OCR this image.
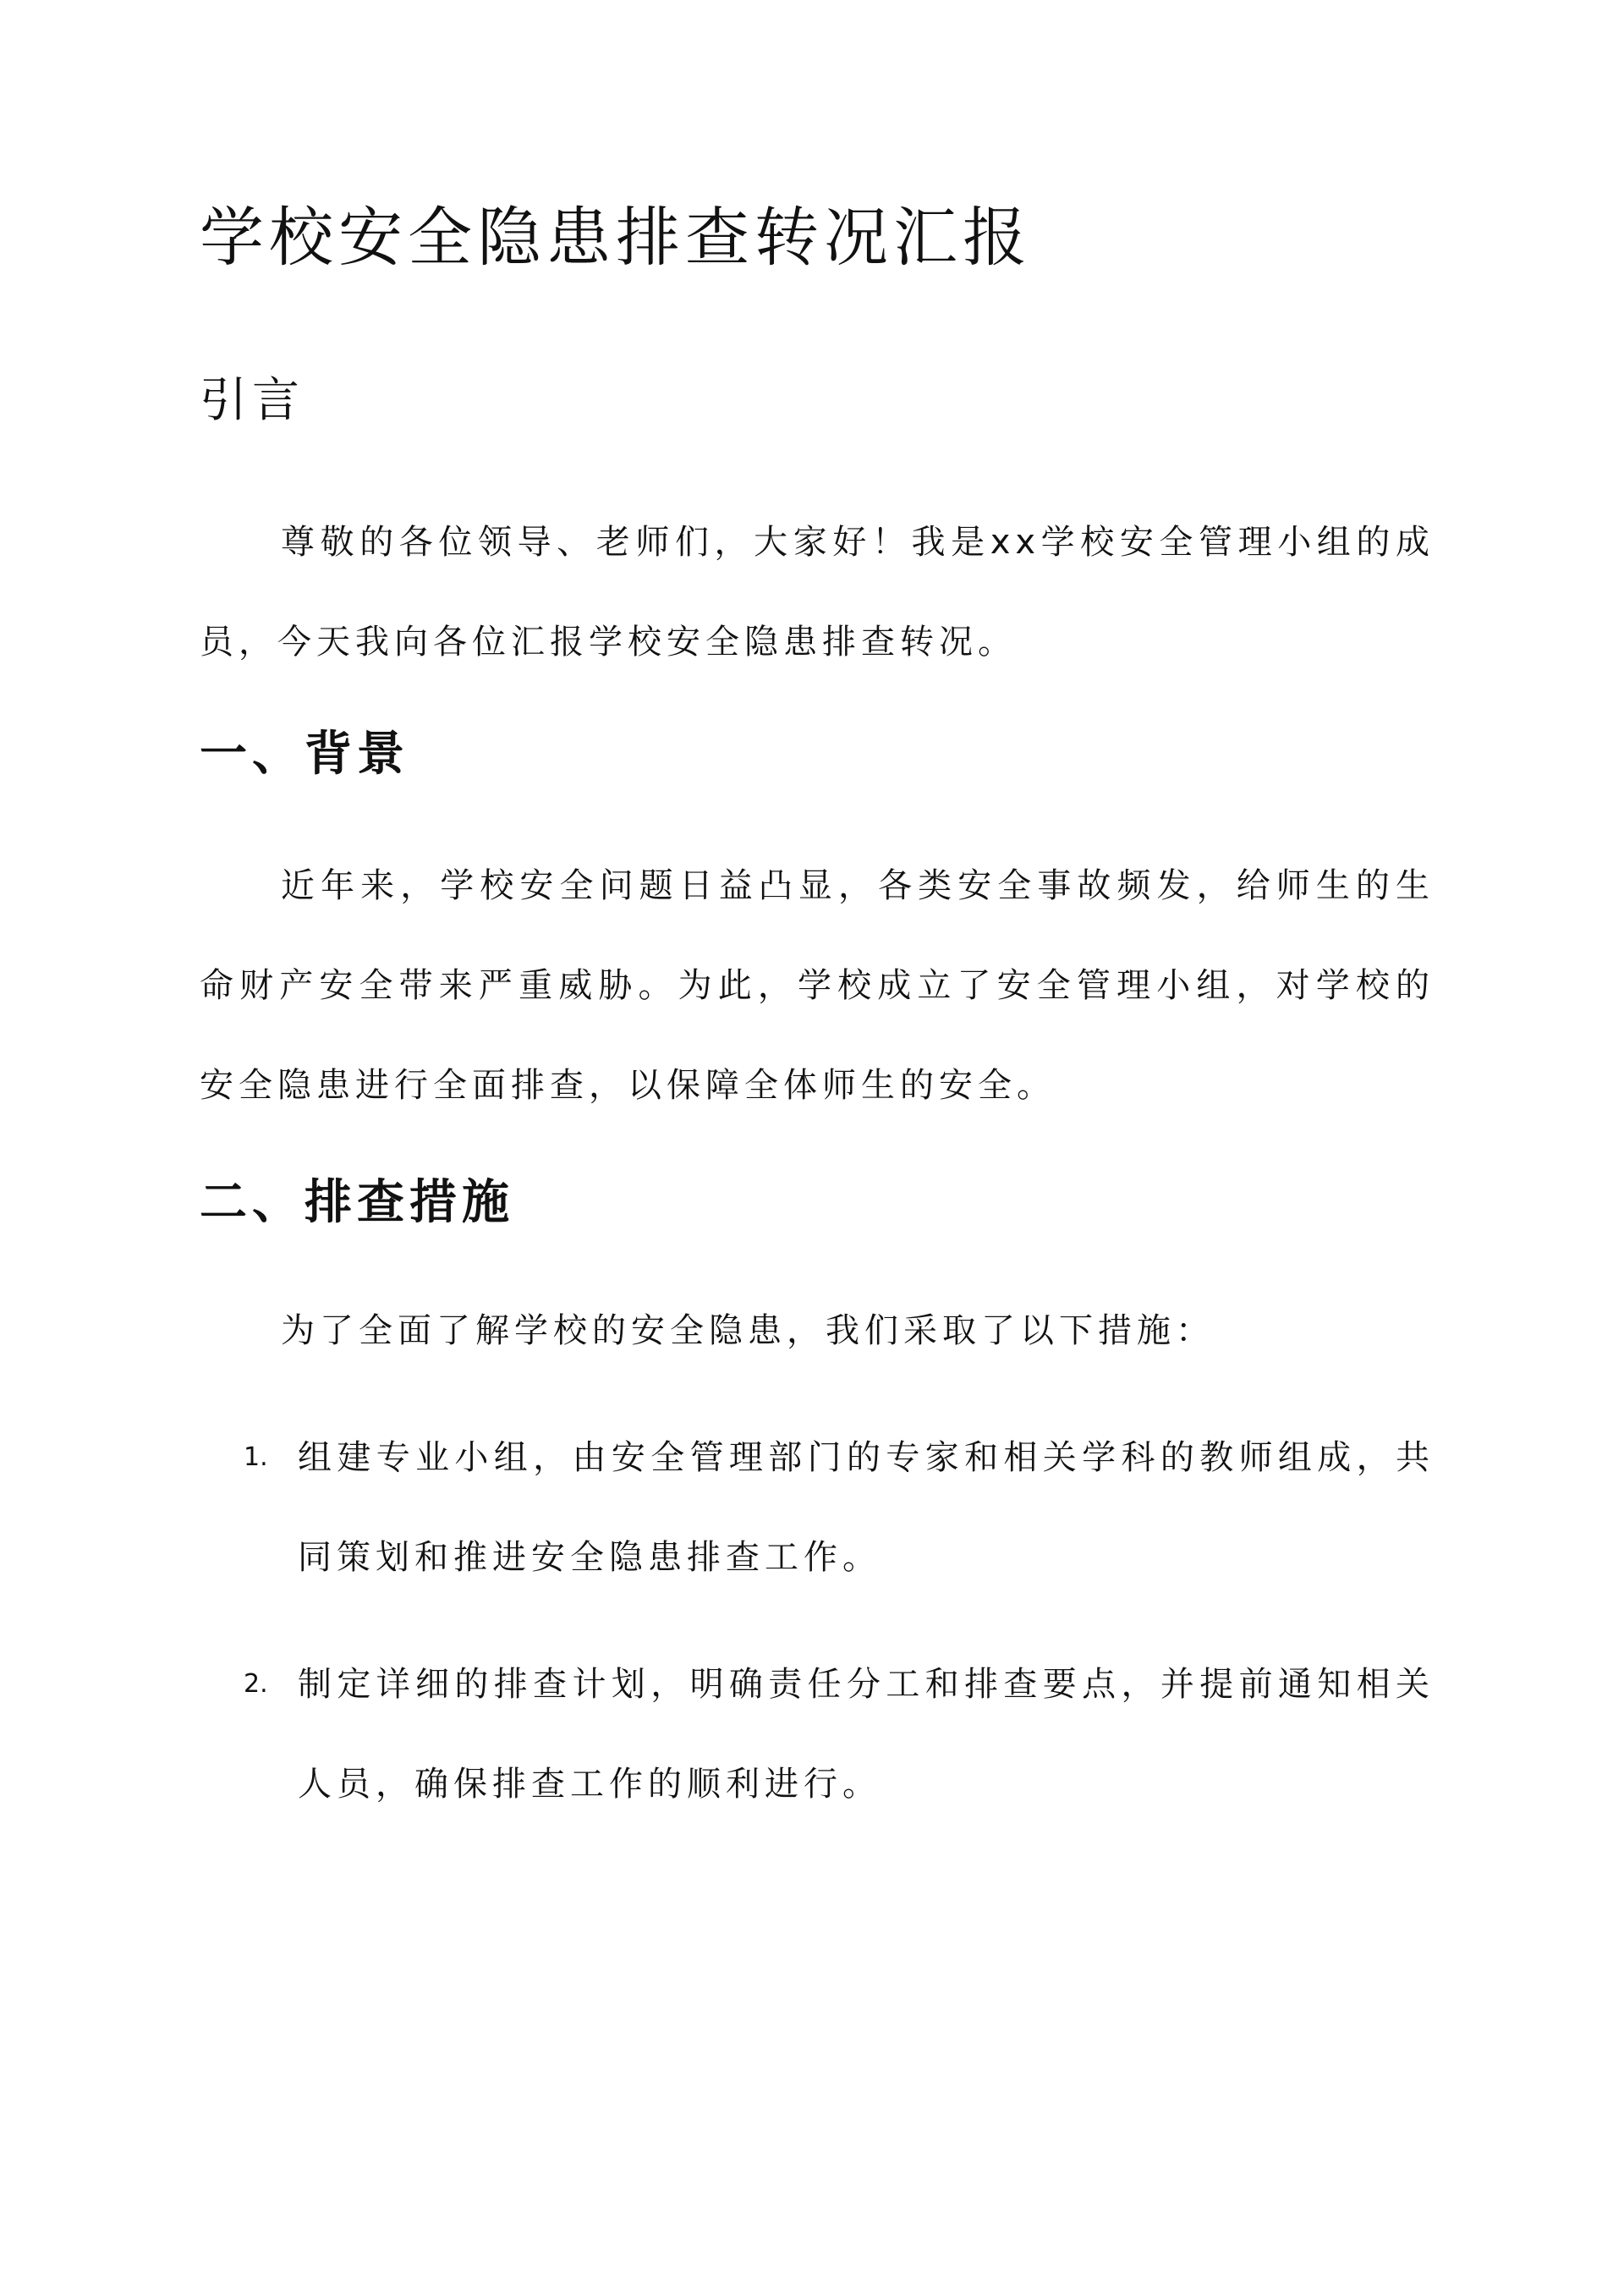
学校安全隐患排查转况汇报
引言

尊敬的各位领导、老师们，大家好！我是xx学校安全管理小组的成员，今天我向各位汇报学校安全隐患排查转况。

一、背景

近年来，学校安全问题日益凸显，各类安全事故频发，给师生的生命财产安全带来严重威胁。为此，学校成立了安全管理小组，对学校的安全隐患进行全面排查，以保障全体师生的安全。

二、排查措施

为了全面了解学校的安全隐患，我们采取了以下措施：

1. 组建专业小组，由安全管理部门的专家和相关学科的教师组成，共同策划和推进安全隐患排查工作。
2. 制定详细的排查计划，明确责任分工和排查要点，并提前通知相关人员，确保排查工作的顺利进行。
